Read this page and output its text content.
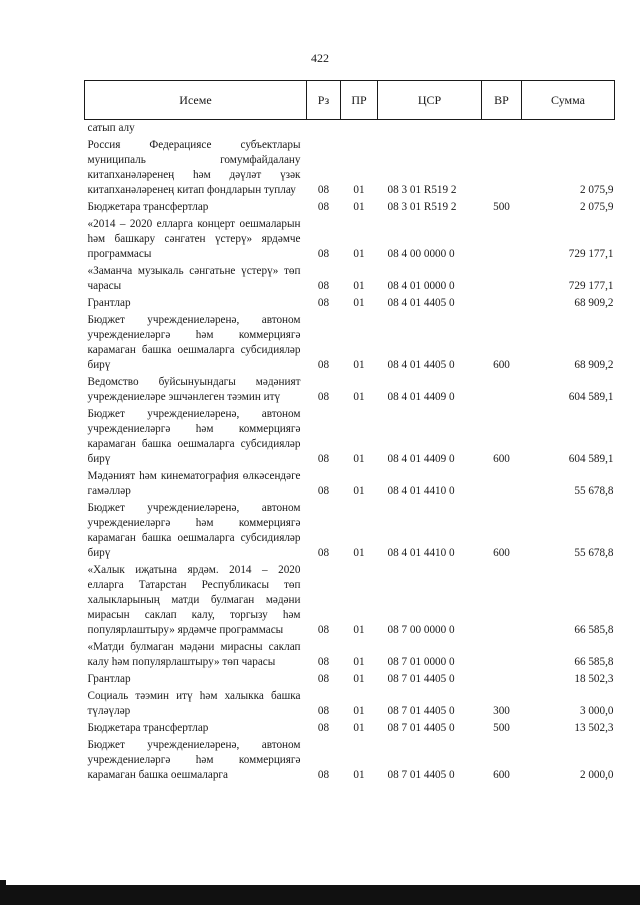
422
Исеме	Рз	ПР	ЦСР	ВР	Сумма
сатып алу					
Россия Федерациясе субъектлары муниципаль гомумфайдалану китапханәләренең һәм дәүләт үзәк китапханәләренең китап фондларын туплау	08	01	08 3 01 R519 2		2 075,9
Бюджетара трансфертлар	08	01	08 3 01 R519 2	500	2 075,9
«2014 – 2020 елларга концерт оешмаларын һәм башкару сәнгатен үстерү» ярдәмче программасы	08	01	08 4 00 0000 0		729 177,1
«Заманча музыкаль сәнгатьне үстерү» төп чарасы	08	01	08 4 01 0000 0		729 177,1
Грантлар	08	01	08 4 01 4405 0		68 909,2
Бюджет учреждениеләренә, автоном учреждениеләргә һәм коммерциягә карамаган башка оешмаларга субсидияләр бирү	08	01	08 4 01 4405 0	600	68 909,2
Ведомство буйсынуындагы мәдәният учреждениеләре эшчәнлеген тәэмин итү	08	01	08 4 01 4409 0		604 589,1
Бюджет учреждениеләренә, автоном учреждениеләргә һәм коммерциягә карамаган башка оешмаларга субсидияләр бирү	08	01	08 4 01 4409 0	600	604 589,1
Мәдәният һәм кинематография өлкәсендәге гамәлләр	08	01	08 4 01 4410 0		55 678,8
Бюджет учреждениеләренә, автоном учреждениеләргә һәм коммерциягә карамаган башка оешмаларга субсидияләр бирү	08	01	08 4 01 4410 0	600	55 678,8
«Халык иҗатына ярдәм. 2014 – 2020 елларга Татарстан Республикасы төп халыкларының матди булмаган мәдәни мирасын саклап калу, торгызу һәм популярлаштыру» ярдәмче программасы	08	01	08 7 00 0000 0		66 585,8
«Матди булмаган мәдәни мирасны саклап калу һәм популярлаштыру» төп чарасы	08	01	08 7 01 0000 0		66 585,8
Грантлар	08	01	08 7 01 4405 0		18 502,3
Социаль тәэмин итү һәм халыкка башка түләүләр	08	01	08 7 01 4405 0	300	3 000,0
Бюджетара трансфертлар	08	01	08 7 01 4405 0	500	13 502,3
Бюджет учреждениеләренә, автоном учреждениеләргә һәм коммерциягә карамаган башка оешмаларга	08	01	08 7 01 4405 0	600	2 000,0
